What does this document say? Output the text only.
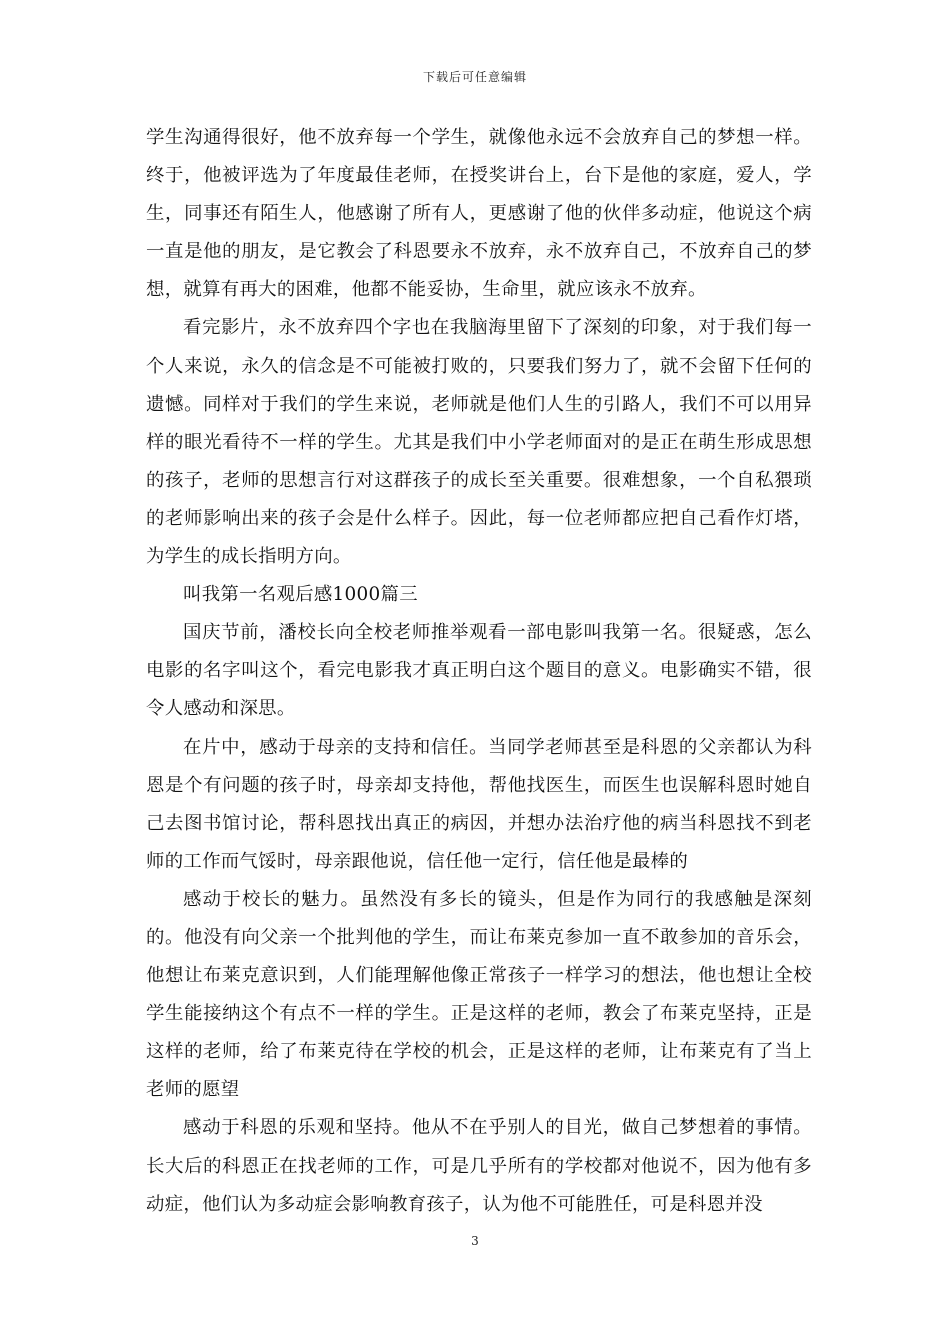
下载后可任意编辑

学生沟通得很好，他不放弃每一个学生，就像他永远不会放弃自己的梦想一样。终于，他被评选为了年度最佳老师，在授奖讲台上，台下是他的家庭，爱人，学生，同事还有陌生人，他感谢了所有人，更感谢了他的伙伴多动症，他说这个病一直是他的朋友，是它教会了科恩要永不放弃，永不放弃自己，不放弃自己的梦想，就算有再大的困难，他都不能妥协，生命里，就应该永不放弃。

看完影片，永不放弃四个字也在我脑海里留下了深刻的印象，对于我们每一个人来说，永久的信念是不可能被打败的，只要我们努力了，就不会留下任何的遗憾。同样对于我们的学生来说，老师就是他们人生的引路人，我们不可以用异样的眼光看待不一样的学生。尤其是我们中小学老师面对的是正在萌生形成思想的孩子，老师的思想言行对这群孩子的成长至关重要。很难想象，一个自私猥琐的老师影响出来的孩子会是什么样子。因此，每一位老师都应把自己看作灯塔，为学生的成长指明方向。

叫我第一名观后感1000篇三

国庆节前，潘校长向全校老师推举观看一部电影叫我第一名。很疑惑，怎么电影的名字叫这个，看完电影我才真正明白这个题目的意义。电影确实不错，很令人感动和深思。

在片中，感动于母亲的支持和信任。当同学老师甚至是科恩的父亲都认为科恩是个有问题的孩子时，母亲却支持他，帮他找医生，而医生也误解科恩时她自己去图书馆讨论，帮科恩找出真正的病因，并想办法治疗他的病当科恩找不到老师的工作而气馁时，母亲跟他说，信任他一定行，信任他是最棒的

感动于校长的魅力。虽然没有多长的镜头，但是作为同行的我感触是深刻的。他没有向父亲一个批判他的学生，而让布莱克参加一直不敢参加的音乐会，他想让布莱克意识到，人们能理解他像正常孩子一样学习的想法，他也想让全校学生能接纳这个有点不一样的学生。正是这样的老师，教会了布莱克坚持，正是这样的老师，给了布莱克待在学校的机会，正是这样的老师，让布莱克有了当上老师的愿望

感动于科恩的乐观和坚持。他从不在乎别人的目光，做自己梦想着的事情。长大后的科恩正在找老师的工作，可是几乎所有的学校都对他说不，因为他有多动症，他们认为多动症会影响教育孩子，认为他不可能胜任，可是科恩并没

3
